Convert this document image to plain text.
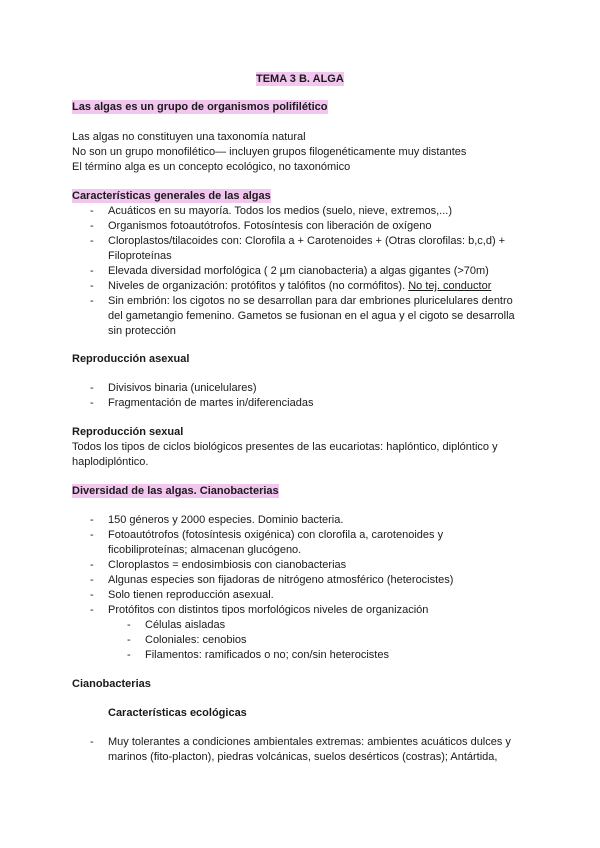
TEMA 3 B. ALGA
Las algas es un grupo de organismos polifilético
Las algas no constituyen una taxonomía natural
No son un grupo monofilético— incluyen grupos filogenéticamente muy distantes
El término alga es un concepto ecológico, no taxonómico
Características generales de las algas
- Acuáticos en su mayoría. Todos los medios (suelo, nieve, extremos,...)
- Organismos fotoautótrofos. Fotosíntesis con liberación de oxígeno
- Cloroplastos/tilacoides con: Clorofila a + Carotenoides + (Otras clorofilas: b,c,d) +
Filoproteínas
- Elevada diversidad morfológica ( 2 µm cianobacteria) a algas gigantes (>70m)
- Niveles de organización: protófitos y talófitos (no cormófitos). No tej. conductor
- Sin embrión: los cigotos no se desarrollan para dar embriones pluricelulares dentro
del gametangio femenino. Gametos se fusionan en el agua y el cigoto se desarrolla
sin protección
Reproducción asexual
- Divisivos binaria (unicelulares)
- Fragmentación de martes in/diferenciadas
Reproducción sexual
Todos los tipos de ciclos biológicos presentes de las eucariotas: haplóntico, diplóntico y
haplodiplóntico.
Diversidad de las algas. Cianobacterias
- 150 géneros y 2000 especies. Dominio bacteria.
- Fotoautótrofos (fotosíntesis oxigénica) con clorofila a, carotenoides y
ficobiliproteínas; almacenan glucógeno.
- Cloroplastos = endosimbiosis con cianobacterias
- Algunas especies son fijadoras de nitrógeno atmosférico (heterocistes)
- Solo tienen reproducción asexual.
- Protófitos con distintos tipos morfológicos niveles de organización
- Células aisladas
- Coloniales: cenobios
- Filamentos: ramificados o no; con/sin heterocistes
Cianobacterias
Características ecológicas
- Muy tolerantes a condiciones ambientales extremas: ambientes acuáticos dulces y
marinos (fito-placton), piedras volcánicas, suelos desérticos (costras); Antártida,
